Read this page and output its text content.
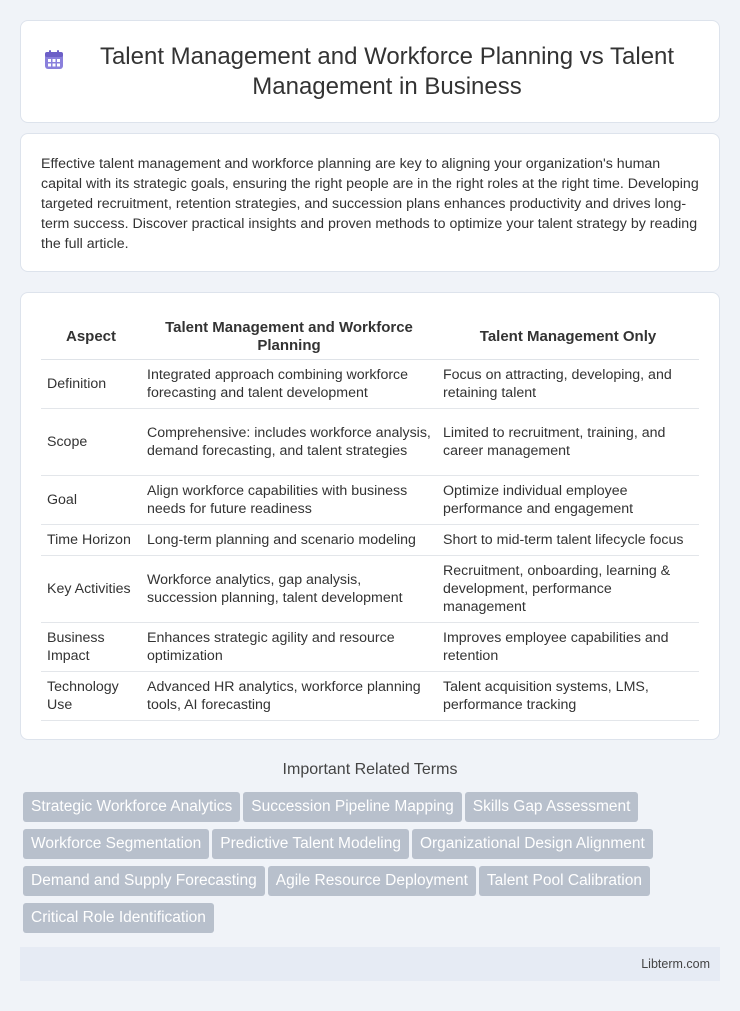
Talent Management and Workforce Planning vs Talent Management in Business

Effective talent management and workforce planning are key to aligning your organization's human capital with its strategic goals, ensuring the right people are in the right roles at the right time. Developing targeted recruitment, retention strategies, and succession plans enhances productivity and drives long-term success. Discover practical insights and proven methods to optimize your talent strategy by reading the full article.

Aspect	Talent Management and Workforce Planning	Talent Management Only
Definition	Integrated approach combining workforce forecasting and talent development	Focus on attracting, developing, and retaining talent
Scope	Comprehensive: includes workforce analysis, demand forecasting, and talent strategies	Limited to recruitment, training, and career management
Goal	Align workforce capabilities with business needs for future readiness	Optimize individual employee performance and engagement
Time Horizon	Long-term planning and scenario modeling	Short to mid-term talent lifecycle focus
Key Activities	Workforce analytics, gap analysis, succession planning, talent development	Recruitment, onboarding, learning & development, performance management
Business Impact	Enhances strategic agility and resource optimization	Improves employee capabilities and retention
Technology Use	Advanced HR analytics, workforce planning tools, AI forecasting	Talent acquisition systems, LMS, performance tracking
Important Related Terms
Strategic Workforce Analytics Succession Pipeline Mapping Skills Gap Assessment
Workforce Segmentation Predictive Talent Modeling Organizational Design Alignment
Demand and Supply Forecasting Agile Resource Deployment Talent Pool Calibration
Critical Role Identification
Libterm.com
